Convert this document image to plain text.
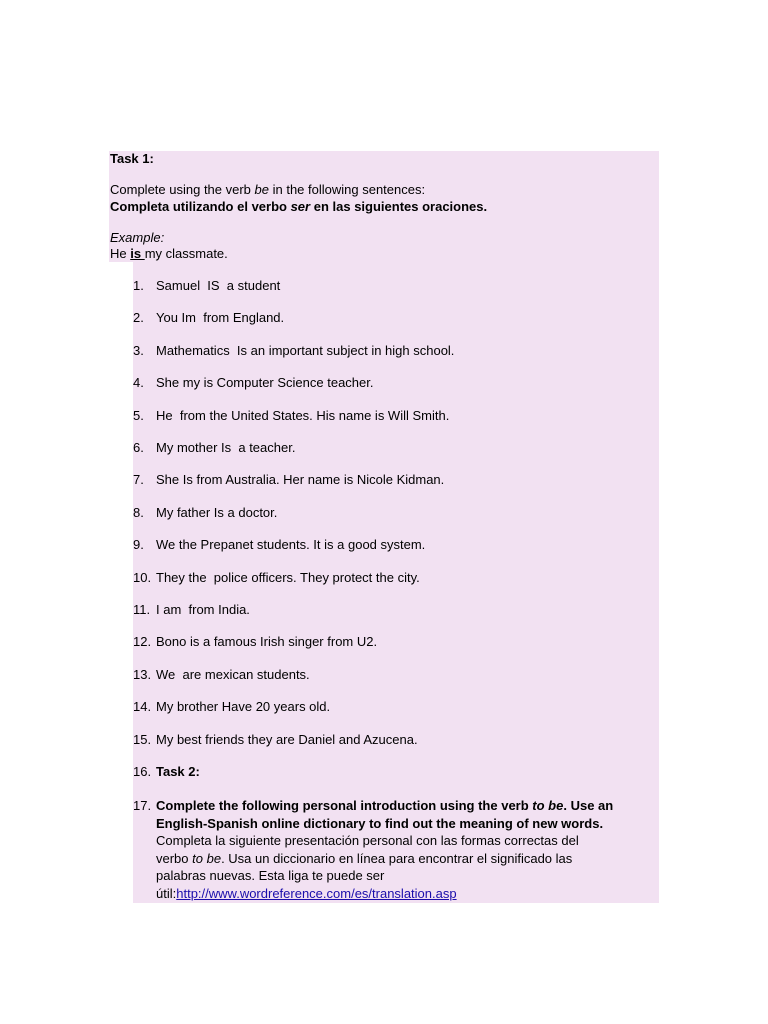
Task 1:
Complete using the verb be in the following sentences:
Completa utilizando el verbo ser en las siguientes oraciones.
Example:
He is my classmate.
1. Samuel  IS  a student
2. You Im  from England.
3. Mathematics  Is an important subject in high school.
4. She my is Computer Science teacher.
5. He  from the United States. His name is Will Smith.
6. My mother Is  a teacher.
7. She Is from Australia. Her name is Nicole Kidman.
8. My father Is a doctor.
9. We the Prepanet students. It is a good system.
10. They the  police officers. They protect the city.
11. I am  from India.
12. Bono is a famous Irish singer from U2.
13. We  are mexican students.
14. My brother Have 20 years old.
15. My best friends they are Daniel and Azucena.
16. Task 2:
17. Complete the following personal introduction using the verb to be. Use an
English-Spanish online dictionary to find out the meaning of new words.
Completa la siguiente presentación personal con las formas correctas del
verbo to be. Usa un diccionario en línea para encontrar el significado las
palabras nuevas. Esta liga te puede ser
útil:http://www.wordreference.com/es/translation.asp
